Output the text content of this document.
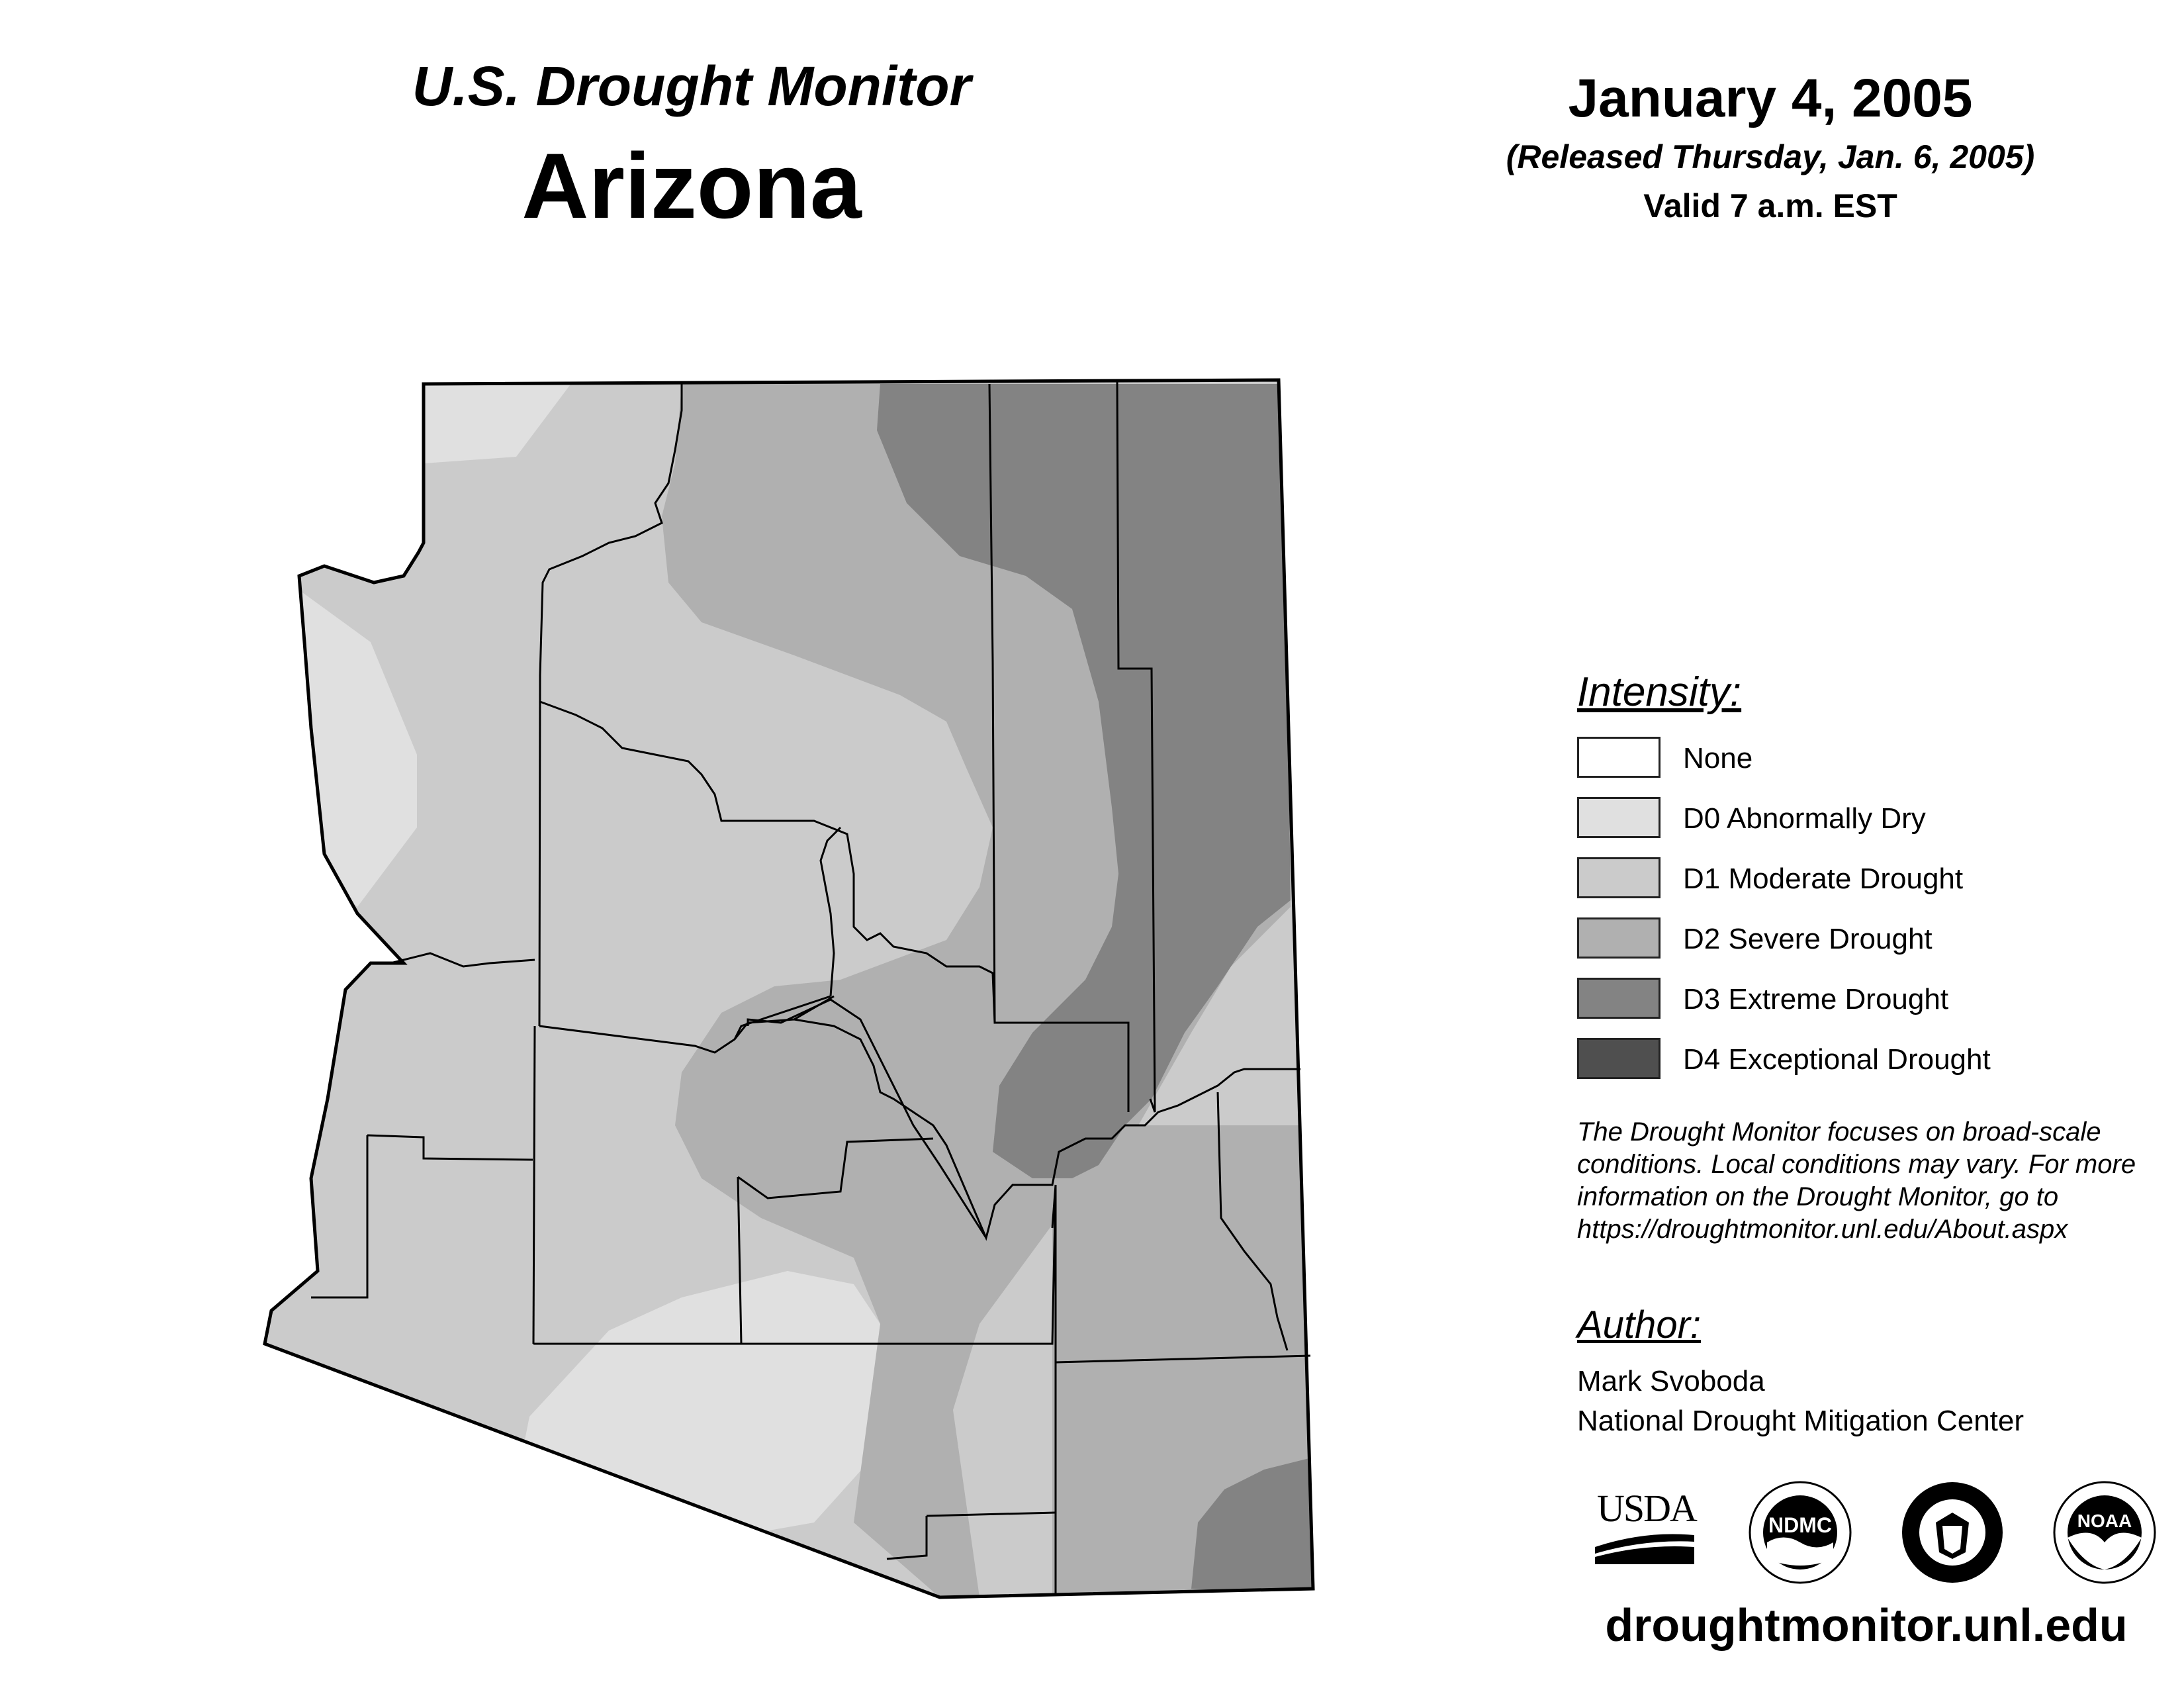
U.S. Drought Monitor
Arizona
January 4, 2005
(Released Thursday, Jan. 6, 2005)
Valid 7 a.m. EST
Intensity:
None
D0 Abnormally Dry
D1 Moderate Drought
D2 Severe Drought
D3 Extreme Drought
D4 Exceptional Drought
The Drought Monitor focuses on broad-scale
conditions. Local conditions may vary. For more
information on the Drought Monitor, go to
https://droughtmonitor.unl.edu/About.aspx
Author:
Mark Svoboda
National Drought Mitigation Center
USDA	NDMC	NOAA
droughtmonitor.unl.edu
